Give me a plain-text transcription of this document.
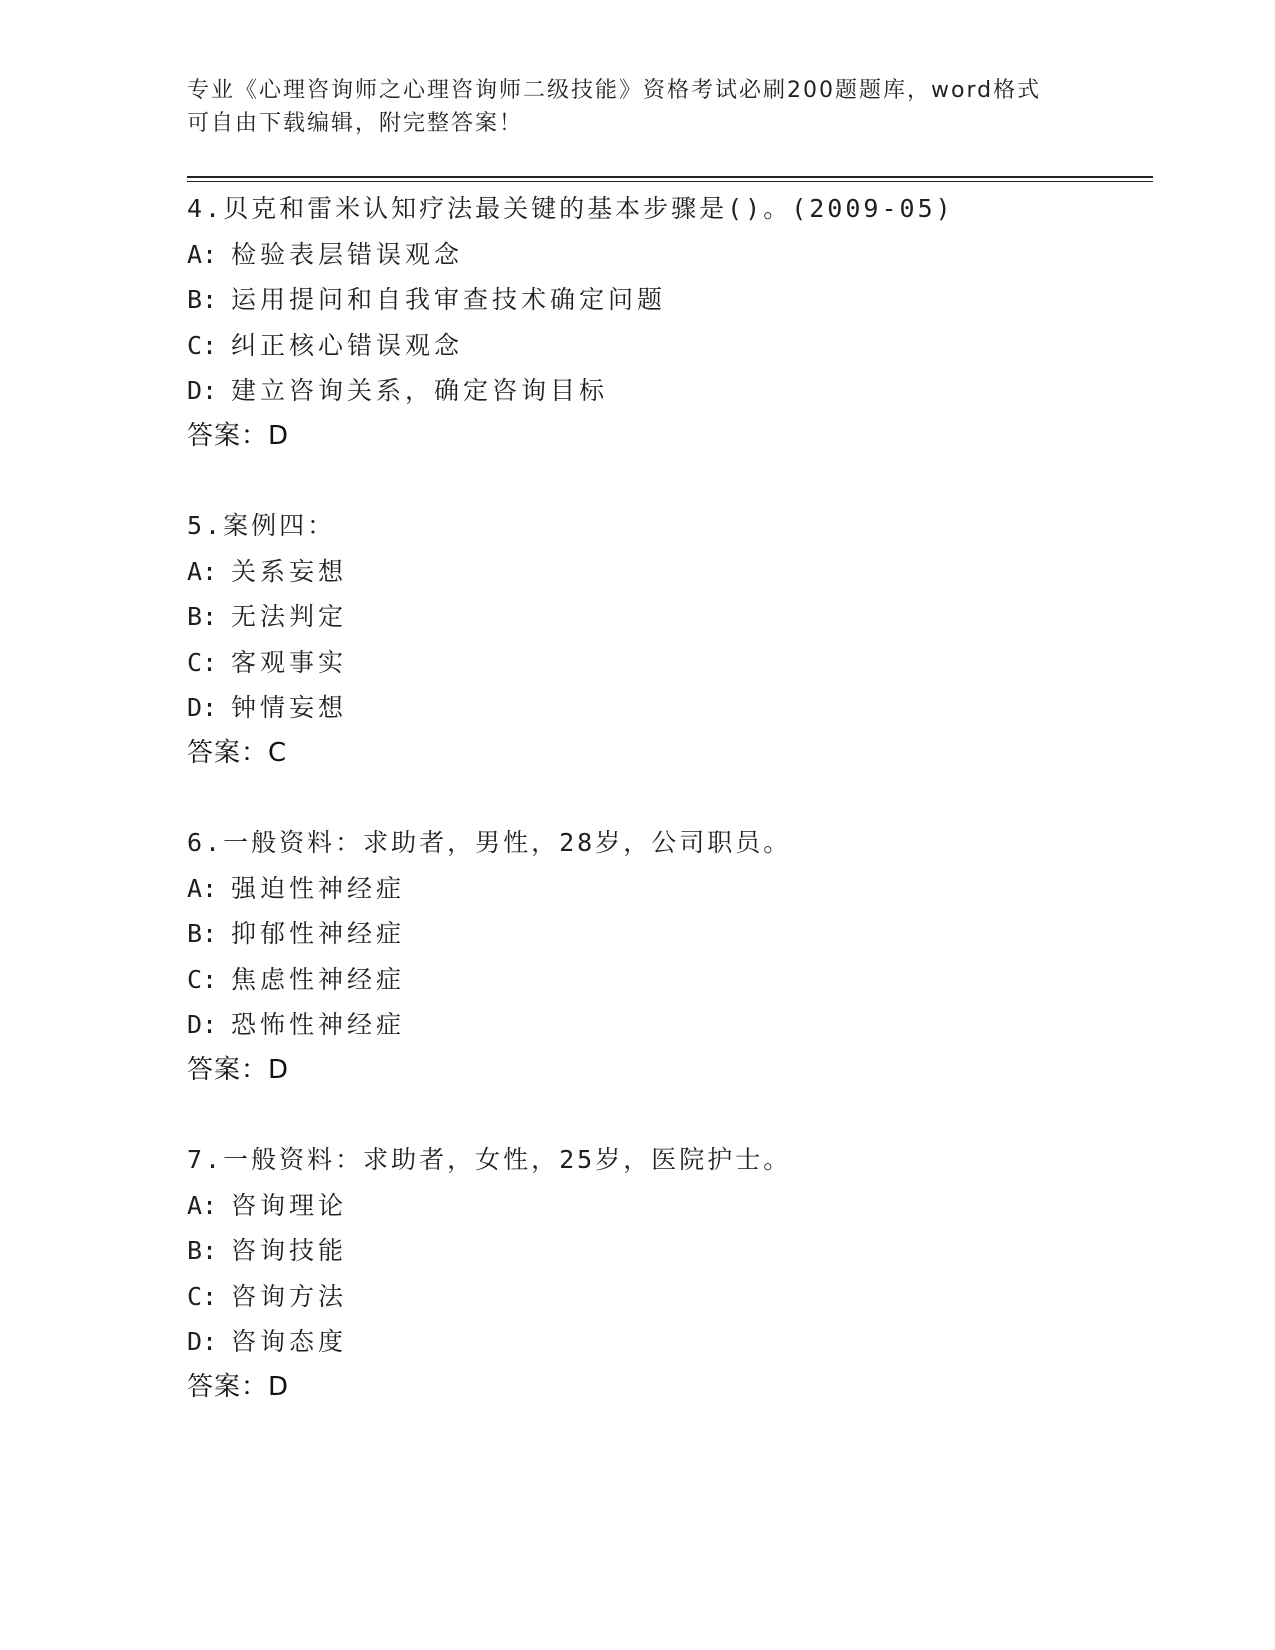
专业《心理咨询师之心理咨询师二级技能》资格考试必刷200题题库，word格式
可自由下载编辑，附完整答案！
4.贝克和雷米认知疗法最关键的基本步骤是()。(2009-05)
A: 检验表层错误观念
B: 运用提问和自我审查技术确定问题
C: 纠正核心错误观念
D: 建立咨询关系，确定咨询目标
答案：D
5.案例四：
A: 关系妄想
B: 无法判定
C: 客观事实
D: 钟情妄想
答案：C
6.一般资料：求助者，男性，28岁，公司职员。
A: 强迫性神经症
B: 抑郁性神经症
C: 焦虑性神经症
D: 恐怖性神经症
答案：D
7.一般资料：求助者，女性，25岁，医院护士。
A: 咨询理论
B: 咨询技能
C: 咨询方法
D: 咨询态度
答案：D
